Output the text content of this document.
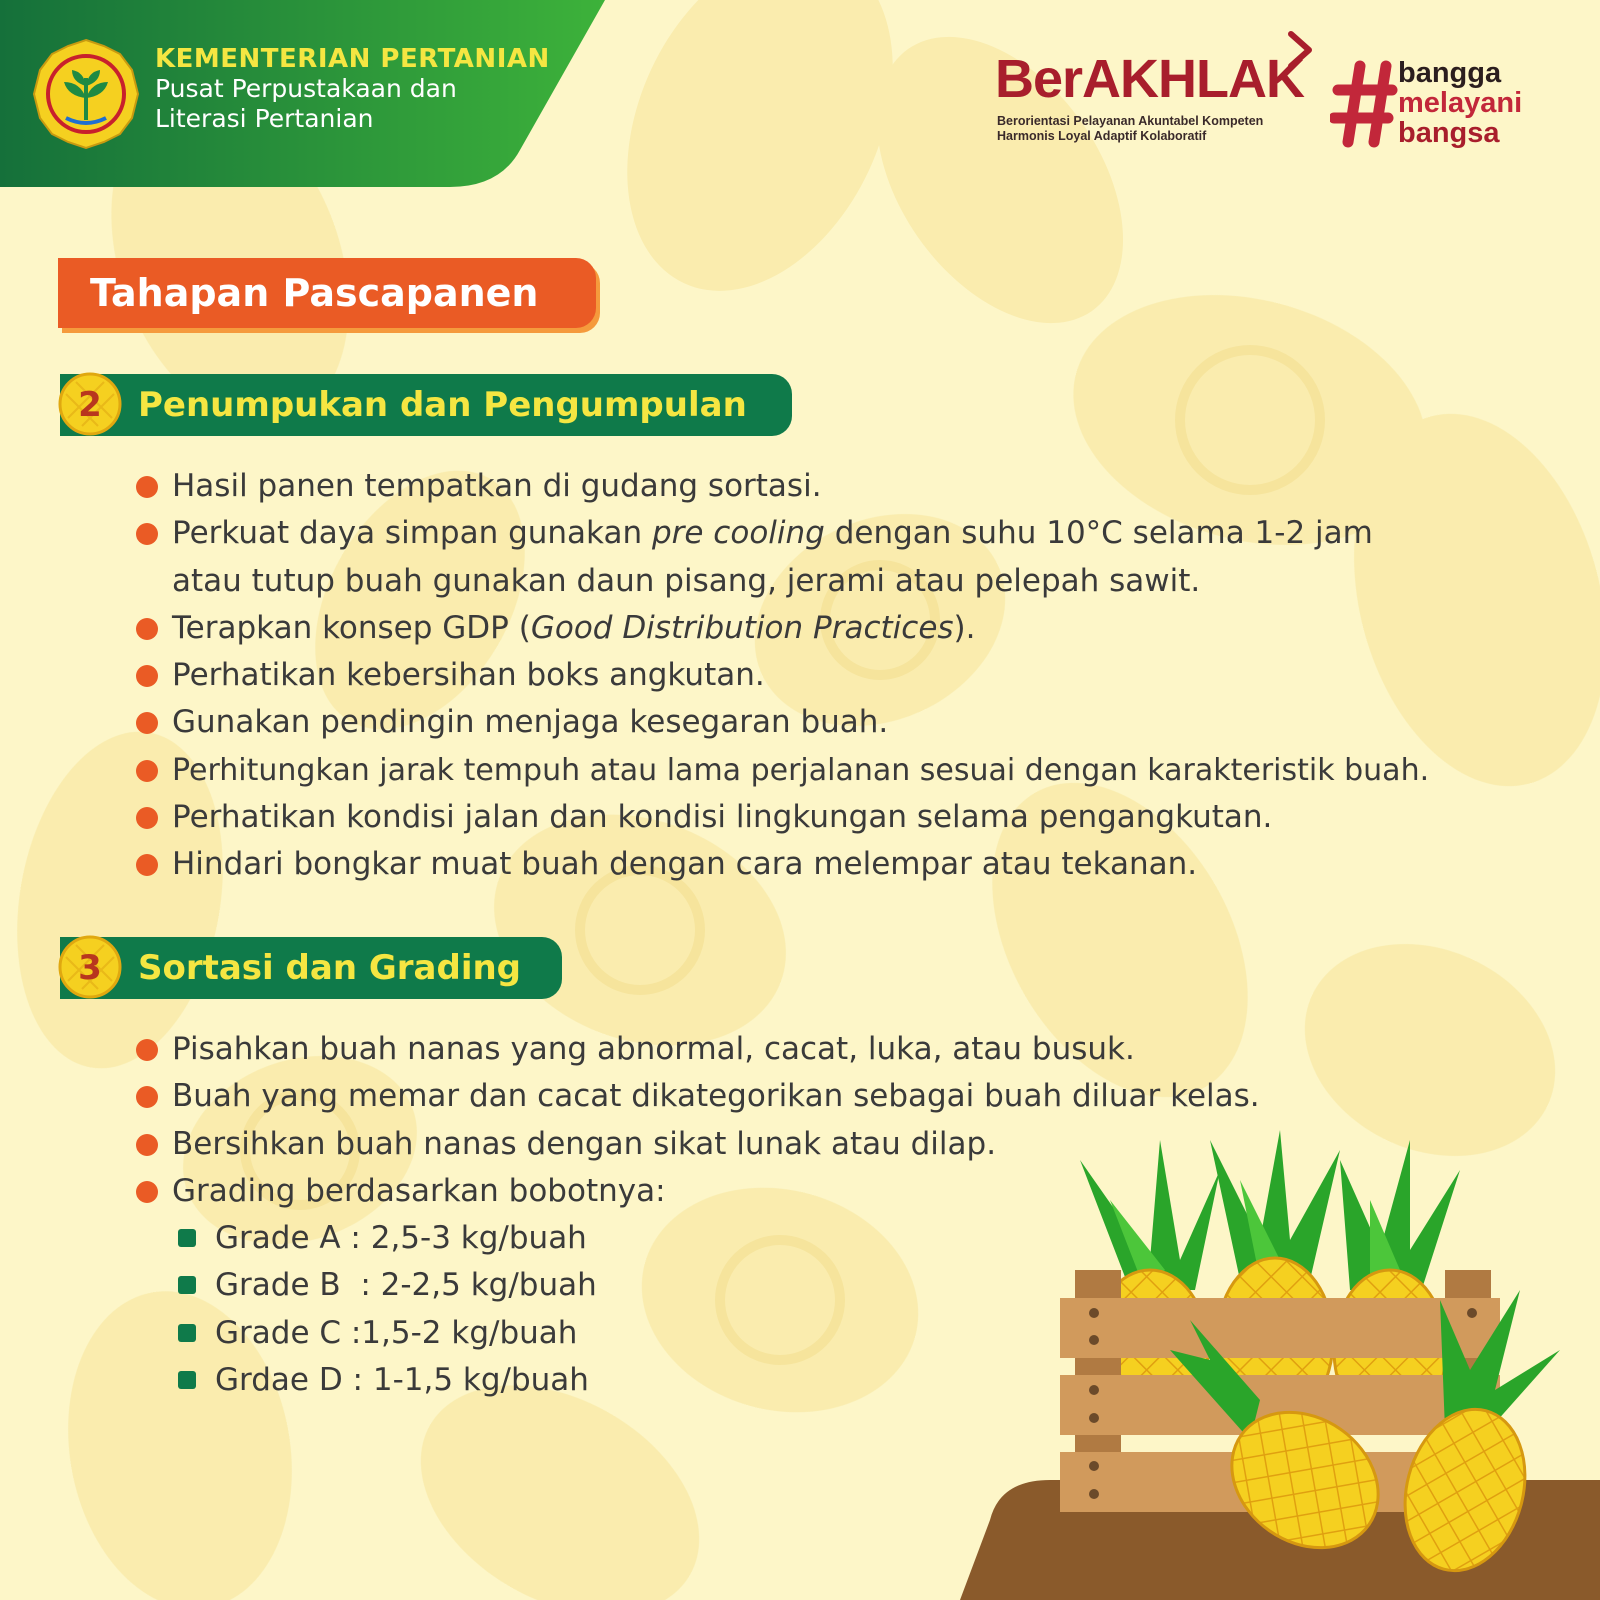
KEMENTERIAN PERTANIAN
Pusat Perpustakaan dan
Literasi Pertanian
BerAKHLAK
Berorientasi Pelayanan Akuntabel Kompeten
Harmonis Loyal Adaptif Kolaboratif
bangga
melayani
bangsa
Tahapan Pascapanen
Penumpukan dan Pengumpulan
2
Hasil panen tempatkan di gudang sortasi.
Perkuat daya simpan gunakan pre cooling dengan suhu 10°C selama 1-2 jam
atau tutup buah gunakan daun pisang, jerami atau pelepah sawit.
Terapkan konsep GDP (Good Distribution Practices).
Perhatikan kebersihan boks angkutan.
Gunakan pendingin menjaga kesegaran buah.
Perhitungkan jarak tempuh atau lama perjalanan sesuai dengan karakteristik buah.
Perhatikan kondisi jalan dan kondisi lingkungan selama pengangkutan.
Hindari bongkar muat buah dengan cara melempar atau tekanan.
Sortasi dan Grading
3
Pisahkan buah nanas yang abnormal, cacat, luka, atau busuk.
Buah yang memar dan cacat dikategorikan sebagai buah diluar kelas.
Bersihkan buah nanas dengan sikat lunak atau dilap.
Grading berdasarkan bobotnya:
Grade A : 2,5-3 kg/buah
Grade B  : 2-2,5 kg/buah
Grade C :1,5-2 kg/buah
Grdae D : 1-1,5 kg/buah
